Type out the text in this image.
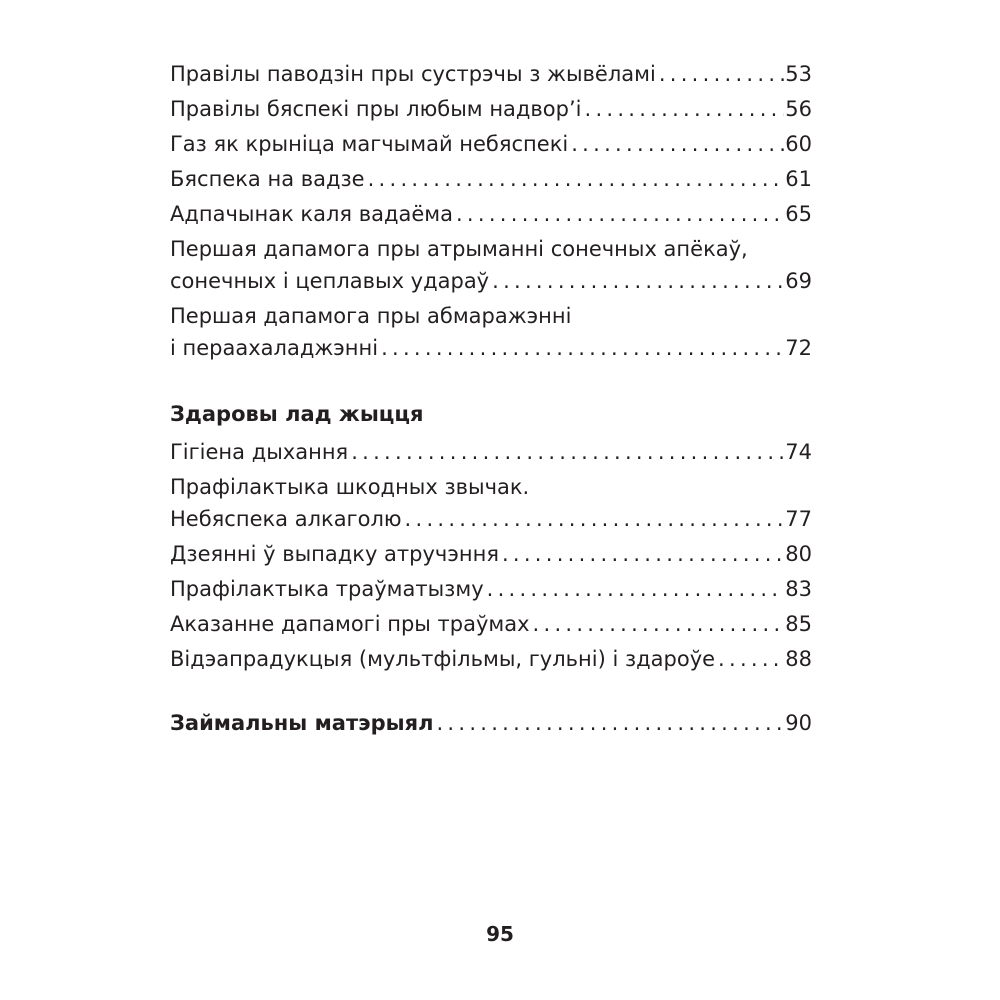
Правілы паводзін пры сустрэчы з жывёламі . . .	53
Правілы бяспекі пры любым надвор’і . . .	56
Газ як крыніца магчымай небяспекі . . .	60
Бяспека на вадзе . . .	61
Адпачынак каля вадаёма . . .	65
Першая дапамога пры атрыманні сонечных апёкаў,
сонечных і цеплавых удараў . . .	69
Першая дапамога пры абмаражэнні
і пераахаладжэнні . . .	72
Здаровы лад жыцця
Гігіена дыхання . . .	74
Прафілактыка шкодных звычак.
Небяспека алкаголю . . .	77
Дзеянні ў выпадку атручэння . . .	80
Прафілактыка траўматызму . . .	83
Аказанне дапамогі пры траўмах . . .	85
Відэапрадукцыя (мультфільмы, гульні) і здароўе . . .	88
Займальны матэрыял . . .	90
95
